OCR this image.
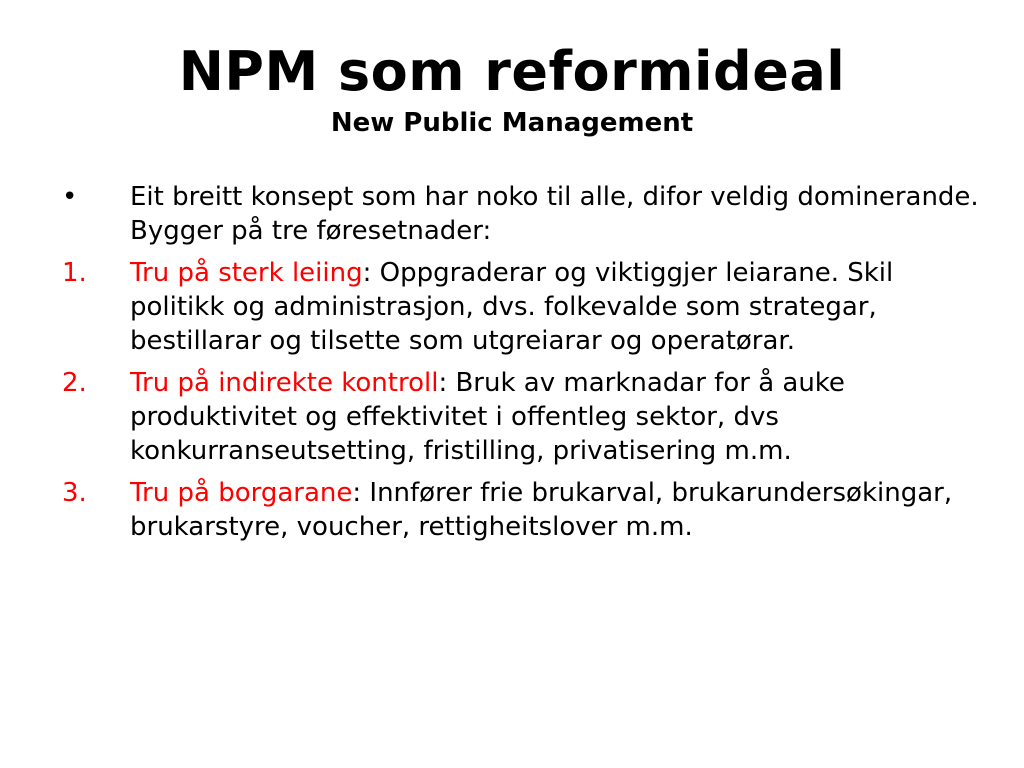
NPM som reformideal
New Public Management
•	Eit breitt konsept som har noko til alle, difor veldig dominerande. Bygger på tre føresetnader:
1.	Tru på sterk leiing: Oppgraderar og viktiggjer leiarane. Skil politikk og administrasjon, dvs. folkevalde som strategar, bestillarar og tilsette som utgreiarar og operatørar.
2.	Tru på indirekte kontroll: Bruk av marknadar for å auke produktivitet og effektivitet i offentleg sektor, dvs konkurranseutsetting, fristilling, privatisering m.m.
3.	Tru på borgarane: Innfører frie brukarval, brukarundersøkingar, brukarstyre, voucher, rettigheitslover m.m.
